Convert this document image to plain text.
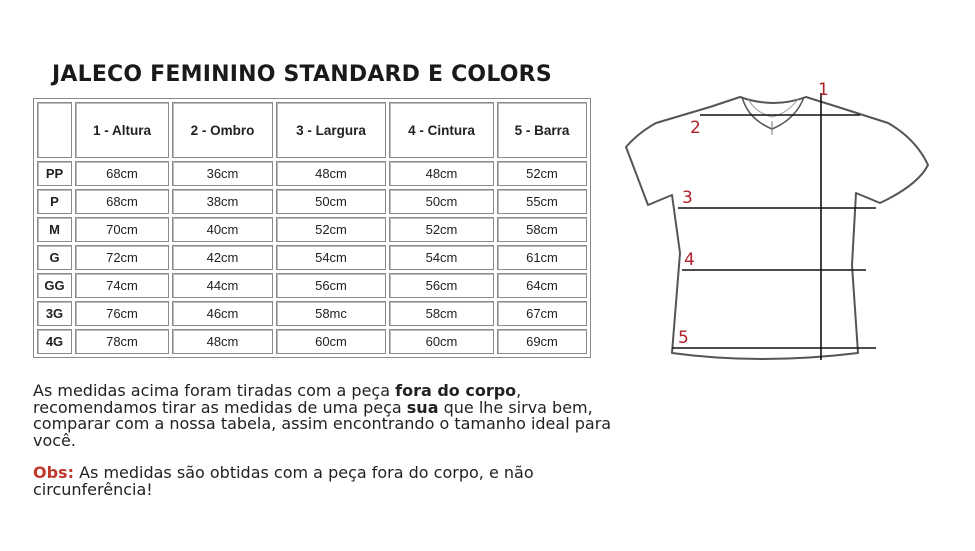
JALECO FEMININO STANDARD E COLORS
	1 - Altura	2 - Ombro	3 - Largura	4 - Cintura	5 - Barra
PP	68cm	36cm	48cm	48cm	52cm
P	68cm	38cm	50cm	50cm	55cm
M	70cm	40cm	52cm	52cm	58cm
G	72cm	42cm	54cm	54cm	61cm
GG	74cm	44cm	56cm	56cm	64cm
3G	76cm	46cm	58mc	58cm	67cm
4G	78cm	48cm	60cm	60cm	69cm

As medidas acima foram tiradas com a peça fora do corpo, recomendamos tirar as medidas de uma peça sua que lhe sirva bem, comparar com a nossa tabela, assim encontrando o tamanho ideal para você.

Obs: As medidas são obtidas com a peça fora do corpo, e não circunferência!

1
2
3
4
5
